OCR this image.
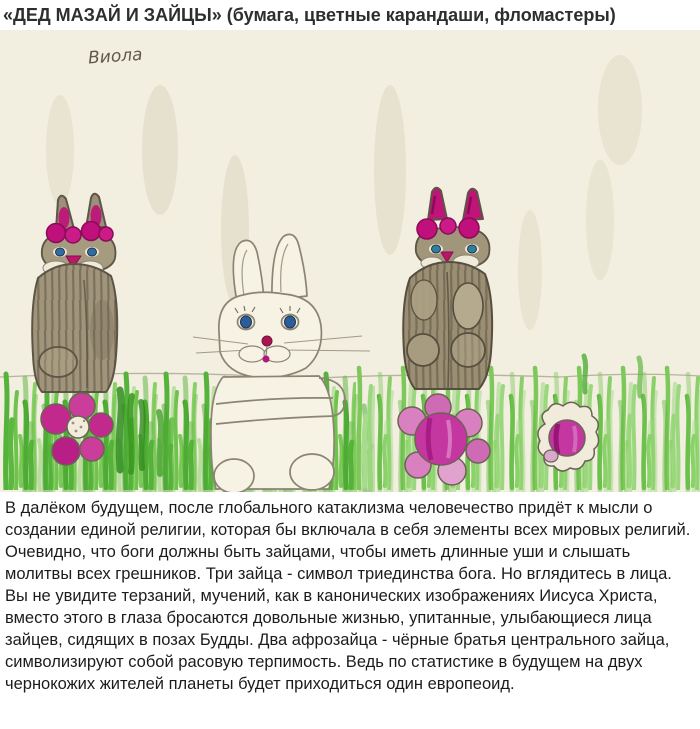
«ДЕД МАЗАЙ И ЗАЙЦЫ» (бумага, цветные карандаши, фломастеры)
Виола

В далёком будущем, после глобального катаклизма человечество придёт к мысли о создании единой религии, которая бы включала в себя элементы всех мировых религий.

Очевидно, что боги должны быть зайцами, чтобы иметь длинные уши и слышать молитвы всех грешников. Три зайца - символ триединства бога. Но вглядитесь в лица. Вы не увидите терзаний, мучений, как в канонических изображениях Иисуса Христа, вместо этого в глаза бросаются довольные жизнью, упитанные, улыбающиеся лица зайцев, сидящих в позах Будды. Два афрозайца - чёрные братья центрального зайца, символизируют собой расовую терпимость. Ведь по статистике в будущем на двух чернокожих жителей планеты будет приходиться один европеоид.
